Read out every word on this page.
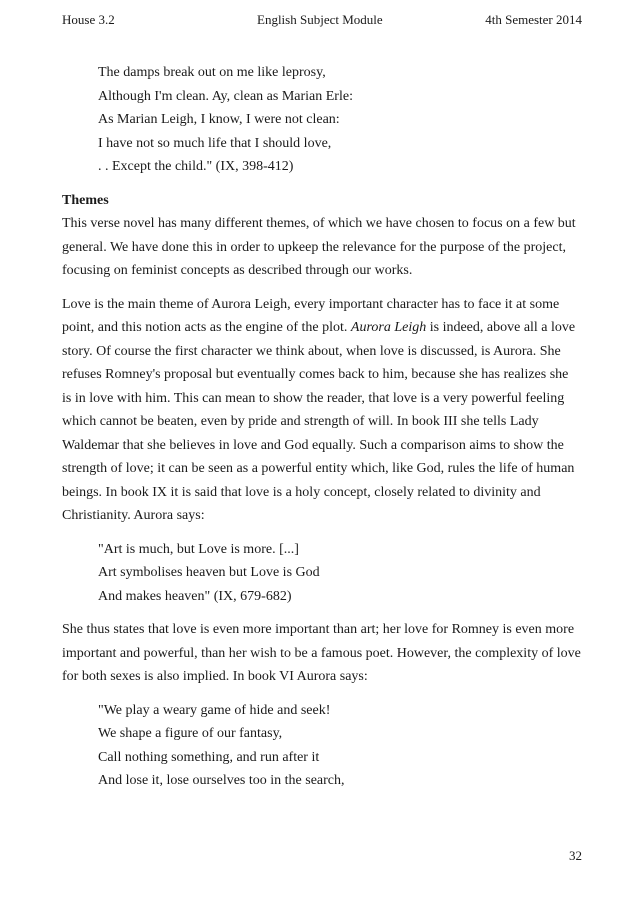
House 3.2	English Subject Module	4th Semester 2014
The damps break out on me like leprosy,
Although I'm clean. Ay, clean as Marian Erle:
As Marian Leigh, I know, I were not clean:
I have not so much life that I should love,
. . Except the child." (IX, 398-412)
Themes
This verse novel has many different themes, of which we have chosen to focus on a few but
general. We have done this in order to upkeep the relevance for the purpose of the project,
focusing on feminist concepts as described through our works.
Love is the main theme of Aurora Leigh, every important character has to face it at some
point, and this notion acts as the engine of the plot. Aurora Leigh is indeed, above all a love
story. Of course the first character we think about, when love is discussed, is Aurora. She
refuses Romney's proposal but eventually comes back to him, because she has realizes she
is in love with him. This can mean to show the reader, that love is a very powerful feeling
which cannot be beaten, even by pride and strength of will. In book III she tells Lady
Waldemar that she believes in love and God equally. Such a comparison aims to show the
strength of love; it can be seen as a powerful entity which, like God, rules the life of human
beings. In book IX it is said that love is a holy concept, closely related to divinity and
Christianity. Aurora says:
"Art is much, but Love is more. [...]
Art symbolises heaven but Love is God
And makes heaven" (IX, 679-682)
She thus states that love is even more important than art; her love for Romney is even more
important and powerful, than her wish to be a famous poet. However, the complexity of love
for both sexes is also implied. In book VI Aurora says:
"We play a weary game of hide and seek!
We shape a figure of our fantasy,
Call nothing something, and run after it
And lose it, lose ourselves too in the search,
32
